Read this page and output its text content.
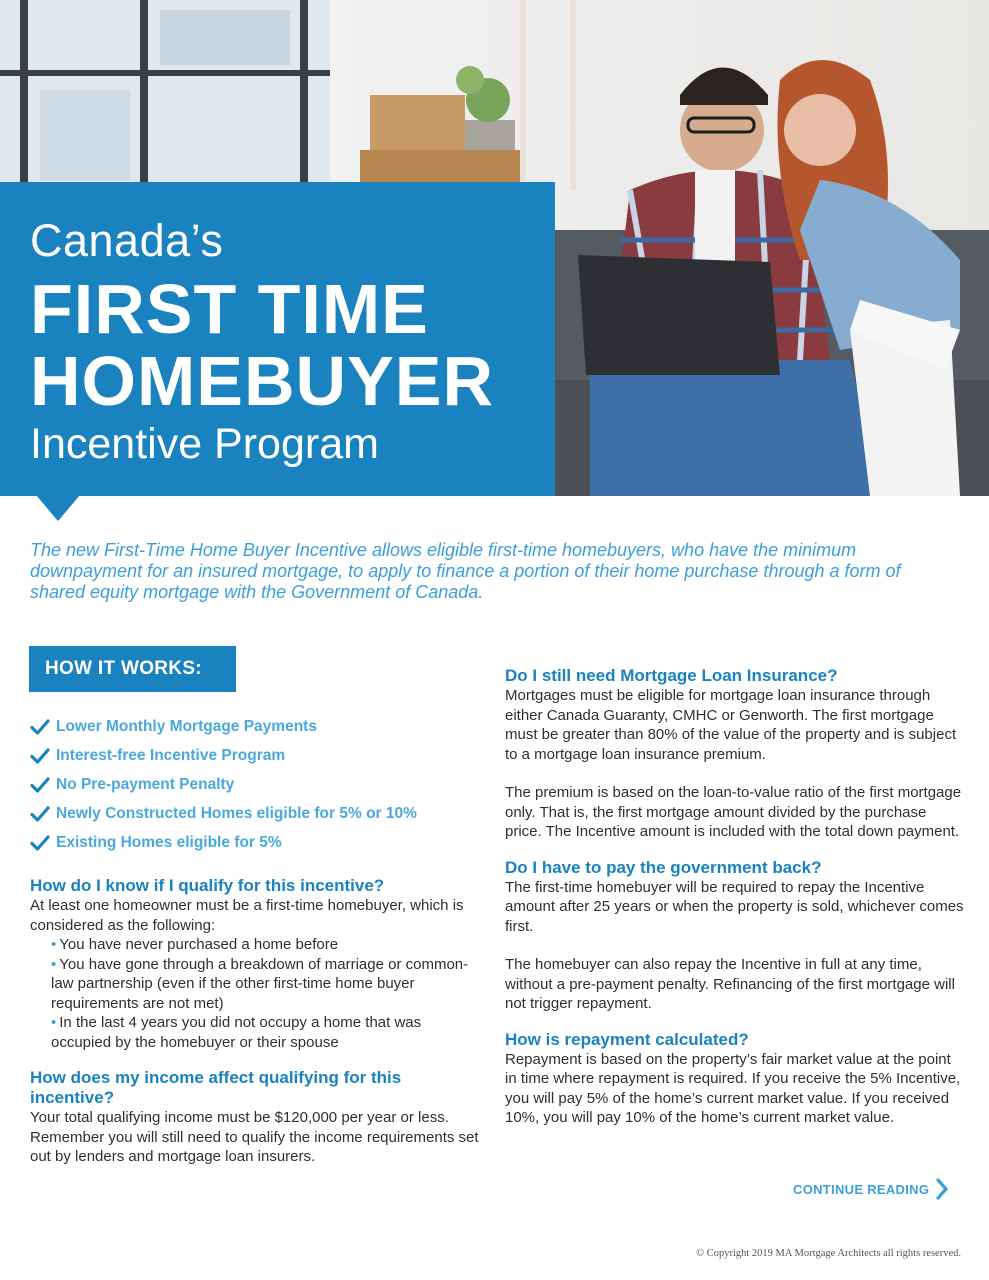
Canada’s
FIRST TIME
HOMEBUYER
Incentive Program

The new First-Time Home Buyer Incentive allows eligible first-time homebuyers, who have the minimum downpayment for an insured mortgage, to apply to finance a portion of their home purchase through a form of shared equity mortgage with the Government of Canada.

HOW IT WORKS:
Lower Monthly Mortgage Payments
Interest-free Incentive Program
No Pre-payment Penalty
Newly Constructed Homes eligible for 5% or 10%
Existing Homes eligible for 5%
How do I know if I qualify for this incentive?

At least one homeowner must be a first-time homebuyer, which is considered as the following:

• You have never purchased a home before
• You have gone through a breakdown of marriage or common-law partnership (even if the other first-time home buyer requirements are not met)
• In the last 4 years you did not occupy a home that was occupied by the homebuyer or their spouse
How does my income affect qualifying for this incentive?

Your total qualifying income must be $120,000 per year or less. Remember you will still need to qualify the income requirements set out by lenders and mortgage loan insurers.

Do I still need Mortgage Loan Insurance?

Mortgages must be eligible for mortgage loan insurance through either Canada Guaranty, CMHC or Genworth. The first mortgage must be greater than 80% of the value of the property and is subject to a mortgage loan insurance premium.

The premium is based on the loan-to-value ratio of the first mortgage only. That is, the first mortgage amount divided by the purchase price. The Incentive amount is included with the total down payment.

Do I have to pay the government back?

The first-time homebuyer will be required to repay the Incentive amount after 25 years or when the property is sold, whichever comes first.

The homebuyer can also repay the Incentive in full at any time, without a pre-payment penalty. Refinancing of the first mortgage will not trigger repayment.

How is repayment calculated?

Repayment is based on the property’s fair market value at the point in time where repayment is required. If you receive the 5% Incentive, you will pay 5% of the home’s current market value. If you received 10%, you will pay 10% of the home’s current market value.

CONTINUE READING
© Copyright 2019 MA Mortgage Architects all rights reserved.
